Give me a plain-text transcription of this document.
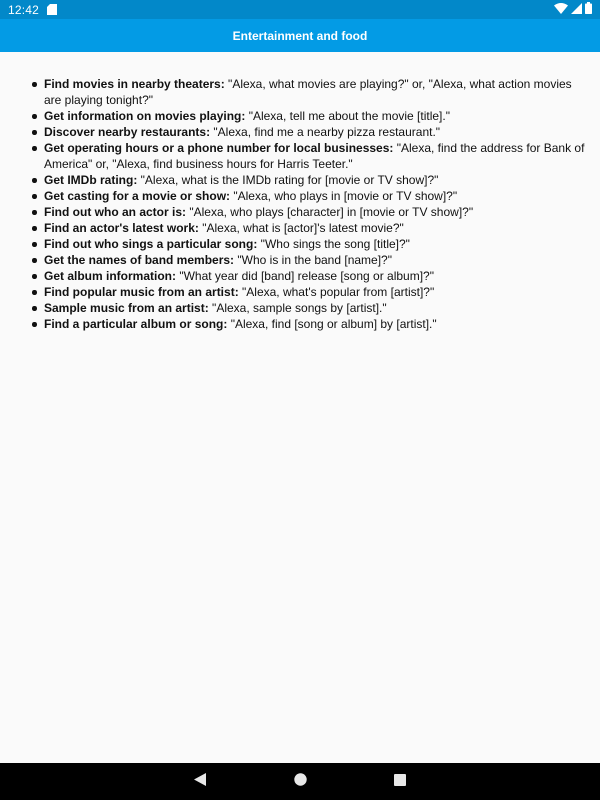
12:42
Entertainment and food
Find movies in nearby theaters: "Alexa, what movies are playing?" or, "Alexa, what action movies are playing tonight?"
Get information on movies playing: "Alexa, tell me about the movie [title]."
Discover nearby restaurants: "Alexa, find me a nearby pizza restaurant."
Get operating hours or a phone number for local businesses: "Alexa, find the address for Bank of America" or, "Alexa, find business hours for Harris Teeter."
Get IMDb rating: "Alexa, what is the IMDb rating for [movie or TV show]?"
Get casting for a movie or show: "Alexa, who plays in [movie or TV show]?"
Find out who an actor is: "Alexa, who plays [character] in [movie or TV show]?"
Find an actor's latest work: "Alexa, what is [actor]'s latest movie?"
Find out who sings a particular song: "Who sings the song [title]?"
Get the names of band members: "Who is in the band [name]?"
Get album information: "What year did [band] release [song or album]?"
Find popular music from an artist: "Alexa, what's popular from [artist]?"
Sample music from an artist: "Alexa, sample songs by [artist]."
Find a particular album or song: "Alexa, find [song or album] by [artist]."
